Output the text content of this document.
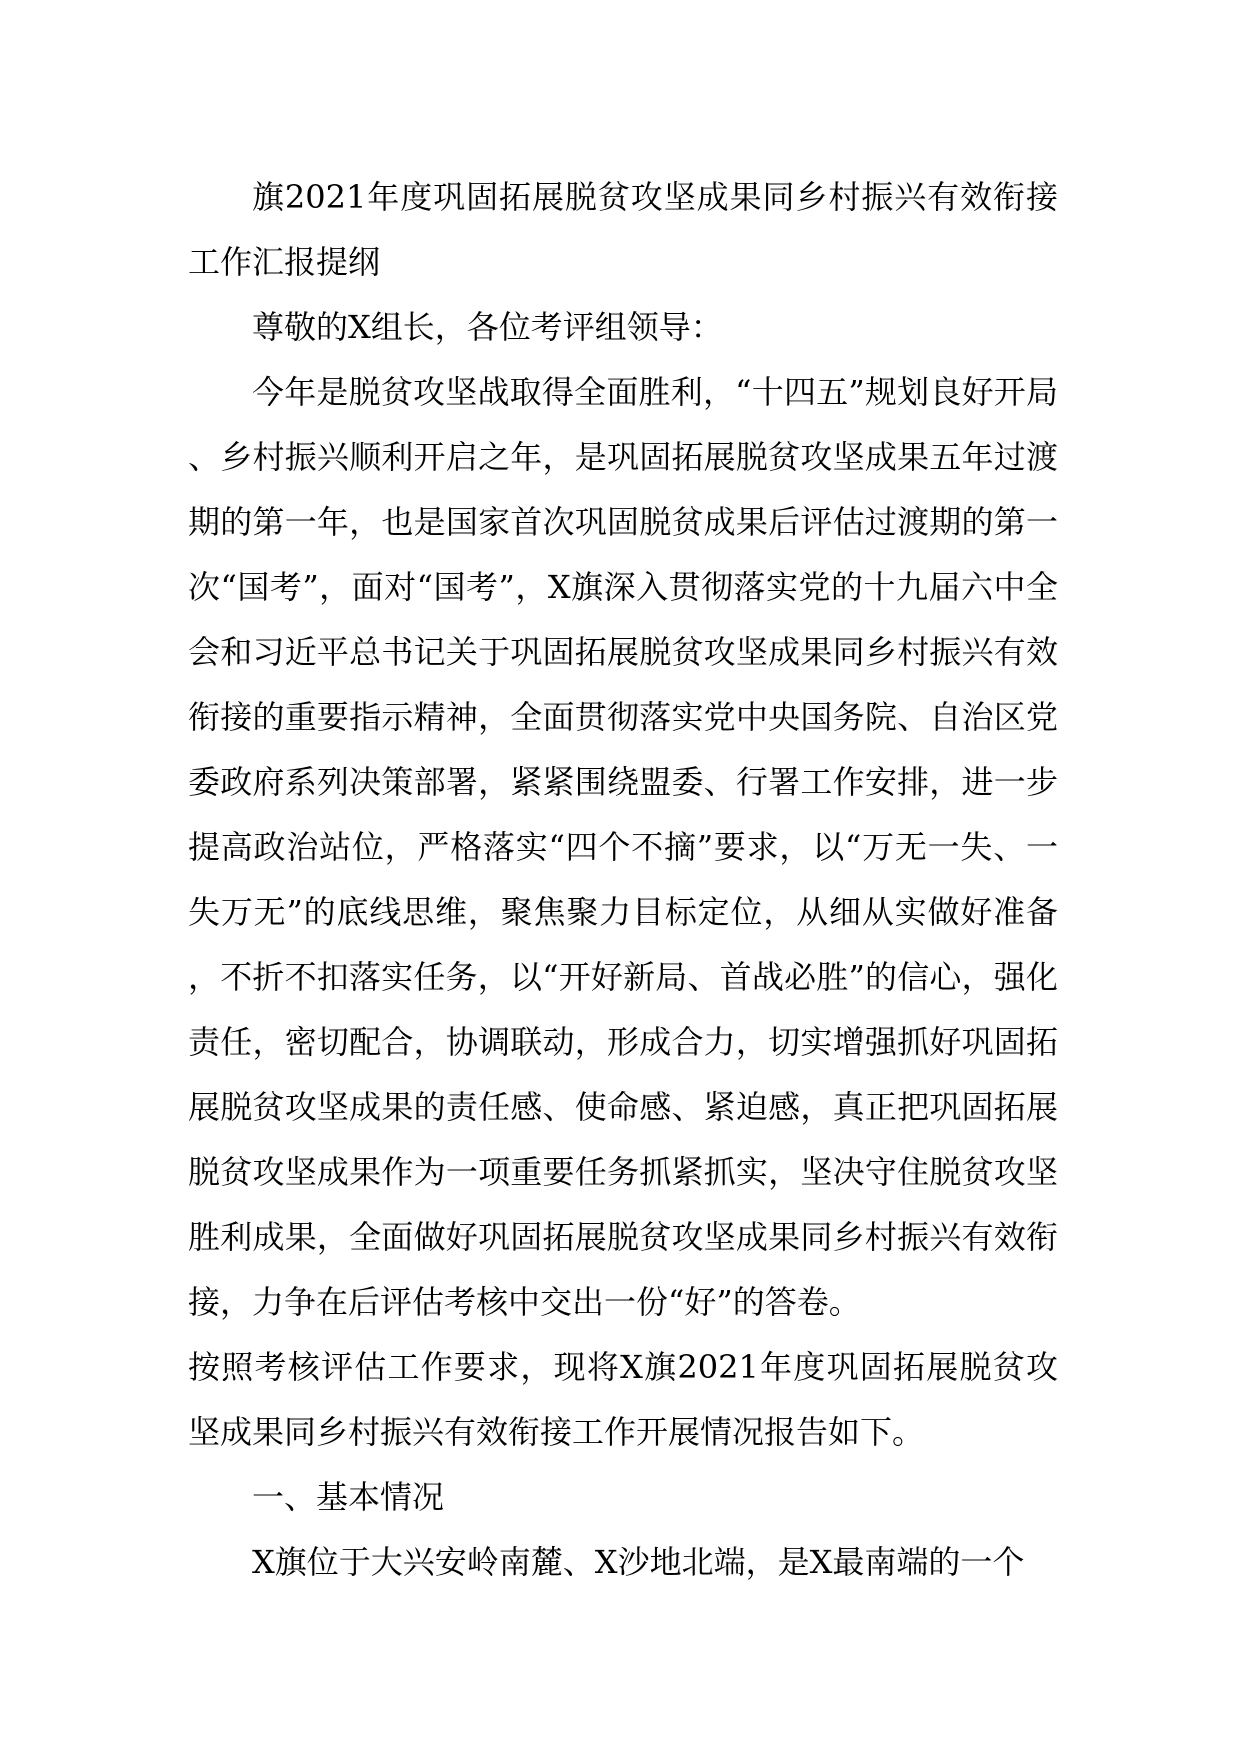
旗2021年度巩固拓展脱贫攻坚成果同乡村振兴有效衔接工作汇报提纲

尊敬的X组长，各位考评组领导：

今年是脱贫攻坚战取得全面胜利，“十四五”规划良好开局、乡村振兴顺利开启之年，是巩固拓展脱贫攻坚成果五年过渡期的第一年，也是国家首次巩固脱贫成果后评估过渡期的第一次“国考”，面对“国考”，X旗深入贯彻落实党的十九届六中全会和习近平总书记关于巩固拓展脱贫攻坚成果同乡村振兴有效衔接的重要指示精神，全面贯彻落实党中央国务院、自治区党委政府系列决策部署，紧紧围绕盟委、行署工作安排，进一步提高政治站位，严格落实“四个不摘”要求，以“万无一失、一失万无”的底线思维，聚焦聚力目标定位，从细从实做好准备，不折不扣落实任务，以“开好新局、首战必胜”的信心，强化责任，密切配合，协调联动，形成合力，切实增强抓好巩固拓展脱贫攻坚成果的责任感、使命感、紧迫感，真正把巩固拓展脱贫攻坚成果作为一项重要任务抓紧抓实，坚决守住脱贫攻坚胜利成果，全面做好巩固拓展脱贫攻坚成果同乡村振兴有效衔接，力争在后评估考核中交出一份“好”的答卷。

按照考核评估工作要求，现将X旗2021年度巩固拓展脱贫攻坚成果同乡村振兴有效衔接工作开展情况报告如下。

一、基本情况

X旗位于大兴安岭南麓、X沙地北端，是X最南端的一个
